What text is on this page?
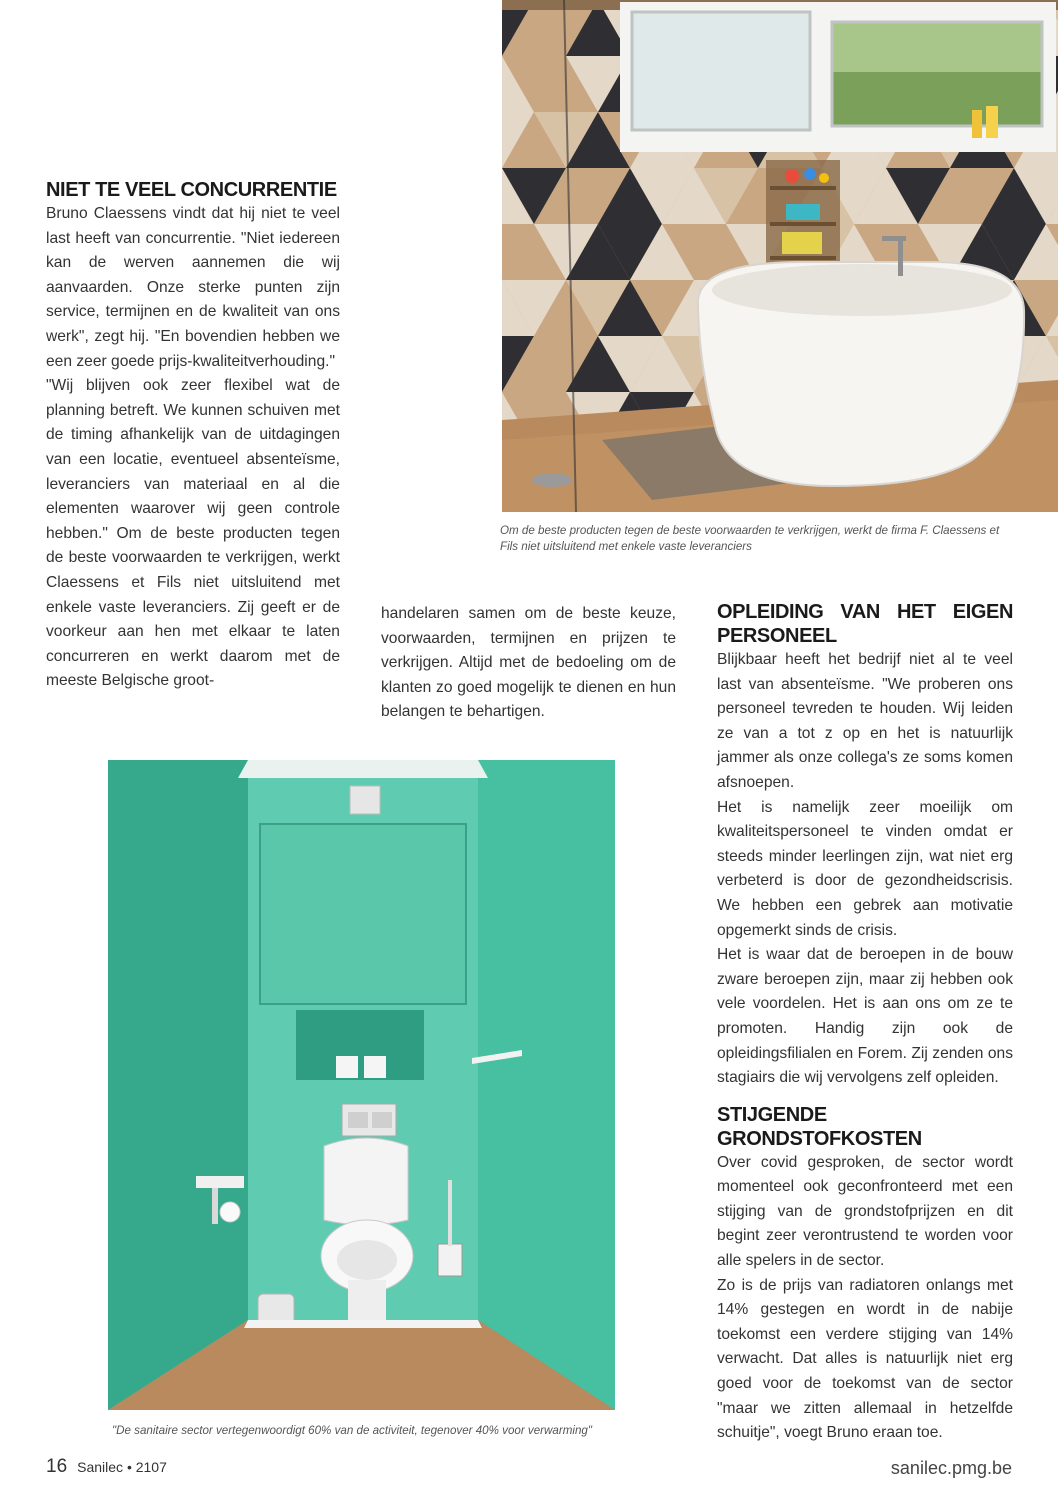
Om de beste producten tegen de beste voorwaarden te verkrijgen, werkt de firma F. Claessens et Fils niet uitsluitend met enkele vaste leveranciers

NIET TE VEEL CONCURRENTIE

Bruno Claessens vindt dat hij niet te veel last heeft van concurrentie. "Niet iedereen kan de werven aannemen die wij aanvaarden. Onze sterke punten zijn service, termijnen en de kwaliteit van ons werk", zegt hij. "En bovendien hebben we een zeer goede prijs-kwaliteitverhouding."

"Wij blijven ook zeer flexibel wat de planning betreft. We kunnen schuiven met de timing afhankelijk van de uitdagingen van een locatie, eventueel absenteïsme, leveranciers van materiaal en al die elementen waarover wij geen controle hebben." Om de beste producten tegen de beste voorwaarden te verkrijgen, werkt Claessens et Fils niet uitsluitend met enkele vaste leveranciers. Zij geeft er de voorkeur aan hen met elkaar te laten concurreren en werkt daarom met de meeste Belgische groot-

handelaren samen om de beste keuze, voorwaarden, termijnen en prijzen te verkrijgen. Altijd met de bedoeling om de klanten zo goed mogelijk te dienen en hun belangen te behartigen.

OPLEIDING VAN HET EIGEN PERSONEEL

Blijkbaar heeft het bedrijf niet al te veel last van absenteïsme. "We proberen ons personeel tevreden te houden. Wij leiden ze van a tot z op en het is natuurlijk jammer als onze collega's ze soms komen afsnoepen.

Het is namelijk zeer moeilijk om kwaliteitspersoneel te vinden omdat er steeds minder leerlingen zijn, wat niet erg verbeterd is door de gezondheidscrisis. We hebben een gebrek aan motivatie opgemerkt sinds de crisis.

Het is waar dat de beroepen in de bouw zware beroepen zijn, maar zij hebben ook vele voordelen. Het is aan ons om ze te promoten. Handig zijn ook de opleidingsfilialen en Forem. Zij zenden ons stagiairs die wij vervolgens zelf opleiden.

STIJGENDE GRONDSTOFKOSTEN

Over covid gesproken, de sector wordt momenteel ook geconfronteerd met een stijging van de grondstofprijzen en dit begint zeer verontrustend te worden voor alle spelers in de sector.

Zo is de prijs van radiatoren onlangs met 14% gestegen en wordt in de nabije toekomst een verdere stijging van 14% verwacht. Dat alles is natuurlijk niet erg goed voor de toekomst van de sector "maar we zitten allemaal in hetzelfde schuitje", voegt Bruno eraan toe.

"De sanitaire sector vertegenwoordigt 60% van de activiteit, tegenover 40% voor verwarming"

16 Sanilec • 2107	sanilec.pmg.be
